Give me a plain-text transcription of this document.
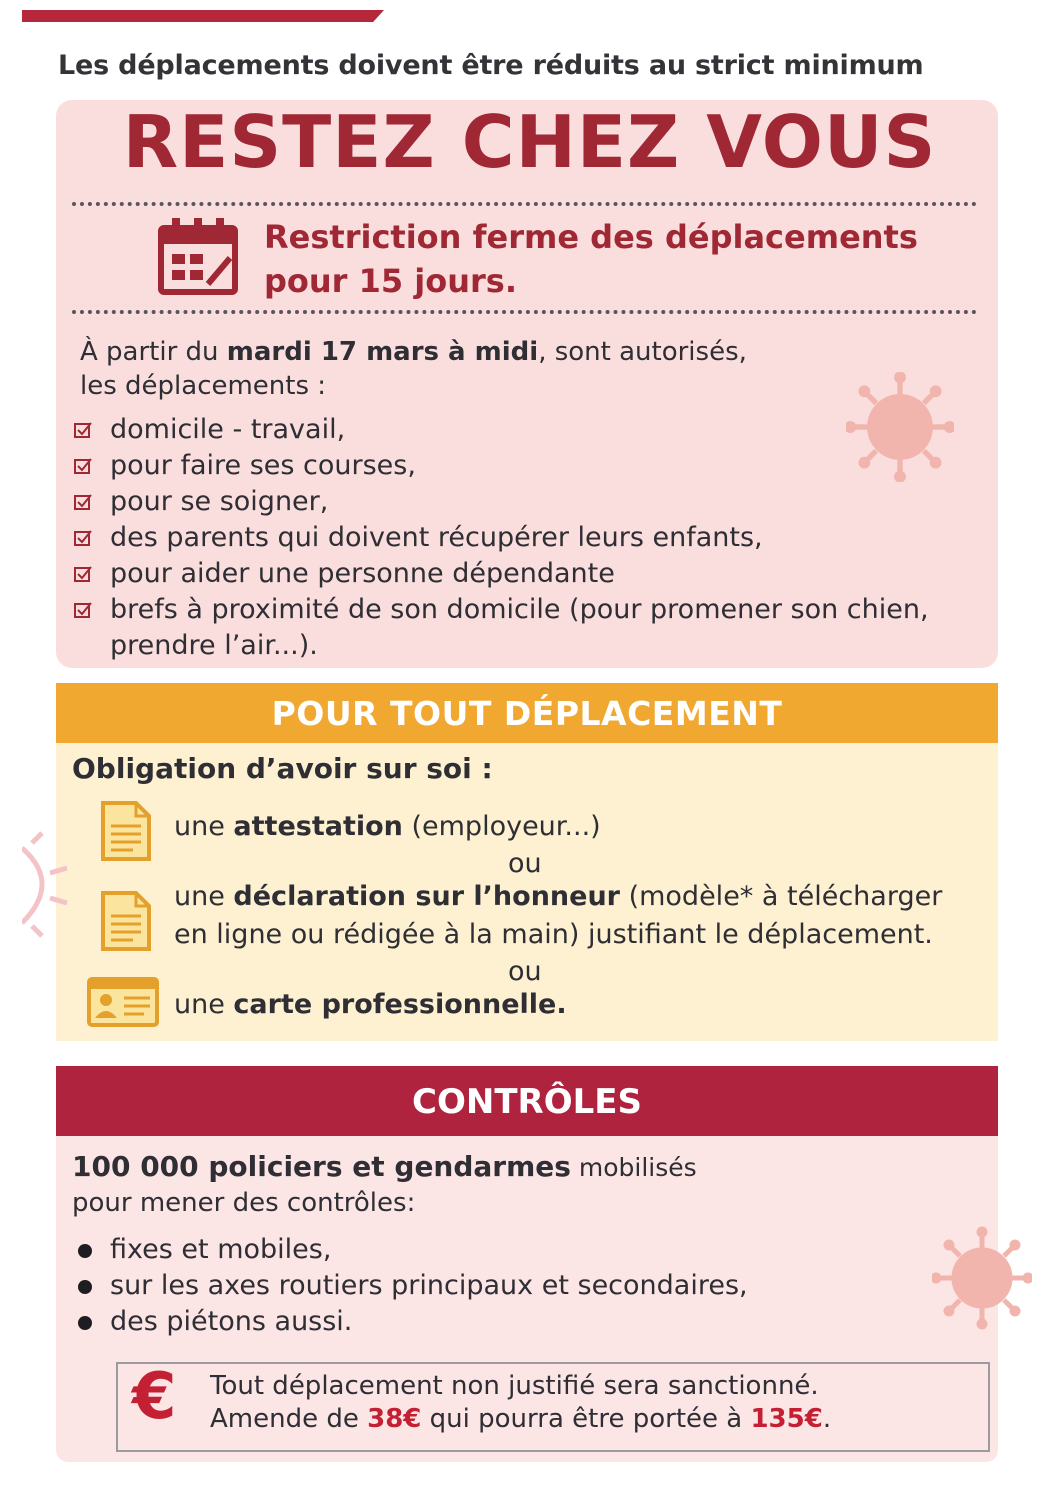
Les déplacements doivent être réduits au strict minimum
RESTEZ CHEZ VOUS
Restriction ferme des déplacements
pour 15 jours.
À partir du mardi 17 mars à midi, sont autorisés,
les déplacements :
domicile - travail,
pour faire ses courses,
pour se soigner,
des parents qui doivent récupérer leurs enfants,
pour aider une personne dépendante
brefs à proximité de son domicile (pour promener son chien,
prendre l’air...).
POUR TOUT DÉPLACEMENT
Obligation d’avoir sur soi :
une attestation (employeur...)
ou
une déclaration sur l’honneur (modèle* à télécharger
en ligne ou rédigée à la main) justifiant le déplacement.
ou
une carte professionnelle.
CONTRÔLES
100 000 policiers et gendarmes mobilisés
pour mener des contrôles:
fixes et mobiles,
sur les axes routiers principaux et secondaires,
des piétons aussi.
€	Tout déplacement non justifié sera sanctionné.
Amende de 38€ qui pourra être portée à 135€.
